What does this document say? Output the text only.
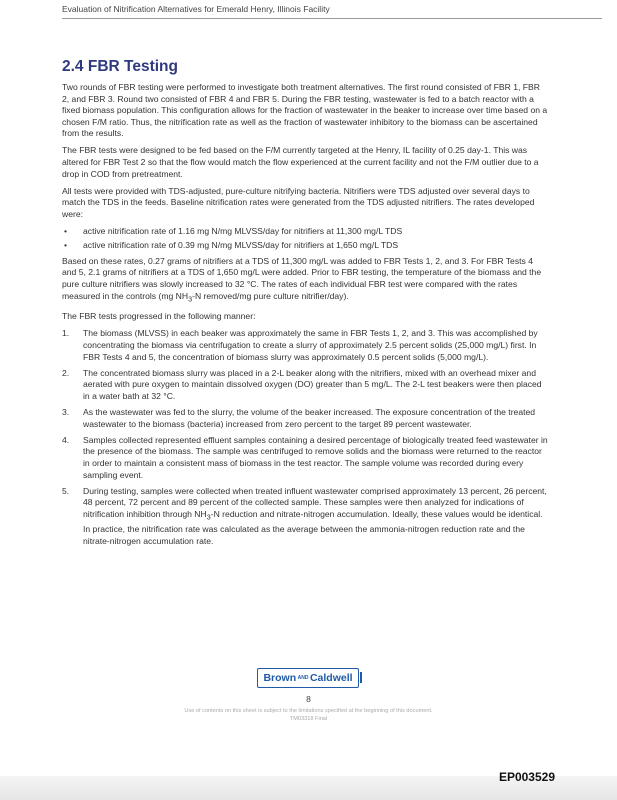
Evaluation of Nitrification Alternatives for Emerald Henry, Illinois Facility
2.4 FBR Testing

Two rounds of FBR testing were performed to investigate both treatment alternatives. The first round consisted of FBR 1, FBR 2, and FBR 3. Round two consisted of FBR 4 and FBR 5. During the FBR testing, wastewater is fed to a batch reactor with a fixed biomass population. This configuration allows for the fraction of wastewater in the beaker to increase over time based on a chosen F/M ratio. Thus, the nitrification rate as well as the fraction of wastewater inhibitory to the biomass can be ascertained from the results.

The FBR tests were designed to be fed based on the F/M currently targeted at the Henry, IL facility of 0.25 day-1. This was altered for FBR Test 2 so that the flow would match the flow experienced at the current facility and not the F/M outlier due to a drop in COD from pretreatment.

All tests were provided with TDS-adjusted, pure-culture nitrifying bacteria. Nitrifiers were TDS adjusted over several days to match the TDS in the feeds. Baseline nitrification rates were generated from the TDS adjusted nitrifiers. The rates developed were:

• active nitrification rate of 1.16 mg N/mg MLVSS/day for nitrifiers at 11,300 mg/L TDS
• active nitrification rate of 0.39 mg N/mg MLVSS/day for nitrifiers at 1,650 mg/L TDS

Based on these rates, 0.27 grams of nitrifiers at a TDS of 11,300 mg/L was added to FBR Tests 1, 2, and 3. For FBR Tests 4 and 5, 2.1 grams of nitrifiers at a TDS of 1,650 mg/L were added. Prior to FBR testing, the temperature of the biomass and the pure culture nitrifiers was slowly increased to 32 °C. The rates of each individual FBR test were compared with the rates measured in the controls (mg $NH_3-N$ removed/mg pure culture nitrifier/day).

The FBR tests progressed in the following manner:

1. The biomass (MLVSS) in each beaker was approximately the same in FBR Tests 1, 2, and 3. This was accomplished by concentrating the biomass via centrifugation to create a slurry of approximately 2.5 percent solids (25,000 mg/L) first. In FBR Tests 4 and 5, the concentration of biomass slurry was approximately 0.5 percent solids (5,000 mg/L).
2. The concentrated biomass slurry was placed in a 2-L beaker along with the nitrifiers, mixed with an overhead mixer and aerated with pure oxygen to maintain dissolved oxygen (DO) greater than 5 mg/L. The 2-L test beakers were then placed in a water bath at 32 °C.
3. As the wastewater was fed to the slurry, the volume of the beaker increased. The exposure concentration of the treated wastewater to the biomass (bacteria) increased from zero percent to the target 89 percent wastewater.
4. Samples collected represented effluent samples containing a desired percentage of biologically treated feed wastewater in the presence of the biomass. The sample was centrifuged to remove solids and the biomass were returned to the reactor in order to maintain a consistent mass of biomass in the test reactor. The sample volume was recorded during every sampling event.
5. During testing, samples were collected when treated influent wastewater comprised approximately 13 percent, 26 percent, 48 percent, 72 percent and 89 percent of the collected sample. These samples were then analyzed for indications of nitrification inhibition through $NH_3-N$ reduction and nitrate-nitrogen accumulation. Ideally, these values would be identical. In practice, the nitrification rate was calculated as the average between the ammonia-nitrogen reduction rate and the nitrate-nitrogen accumulation rate.
Brown AND Caldwell
8
Use of contents on this sheet is subject to the limitations specified at the beginning of this document.
TM03318 Final
EP003529
